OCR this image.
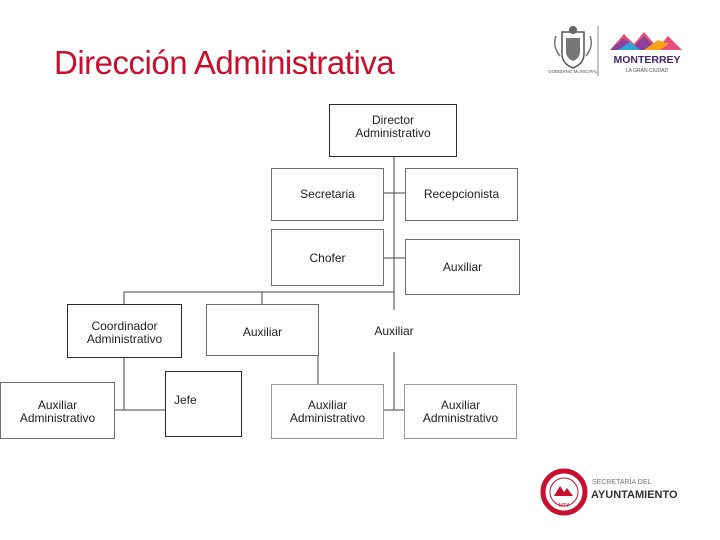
Dirección Administrativa	GOBIERNO MUNICIPAL
MONTERREY
LA GRAN CIUDAD
Director
Administrativo
Secretaria	Recepcionista
Chofer
Auxiliar
Coordinador
Administrativo	Auxiliar	Auxiliar
Auxiliar
Administrativo
Jefe	Auxiliar
Administrativo
Auxiliar
Administrativo
MTY
SECRETARÍA DEL
AYUNTAMIENTO
